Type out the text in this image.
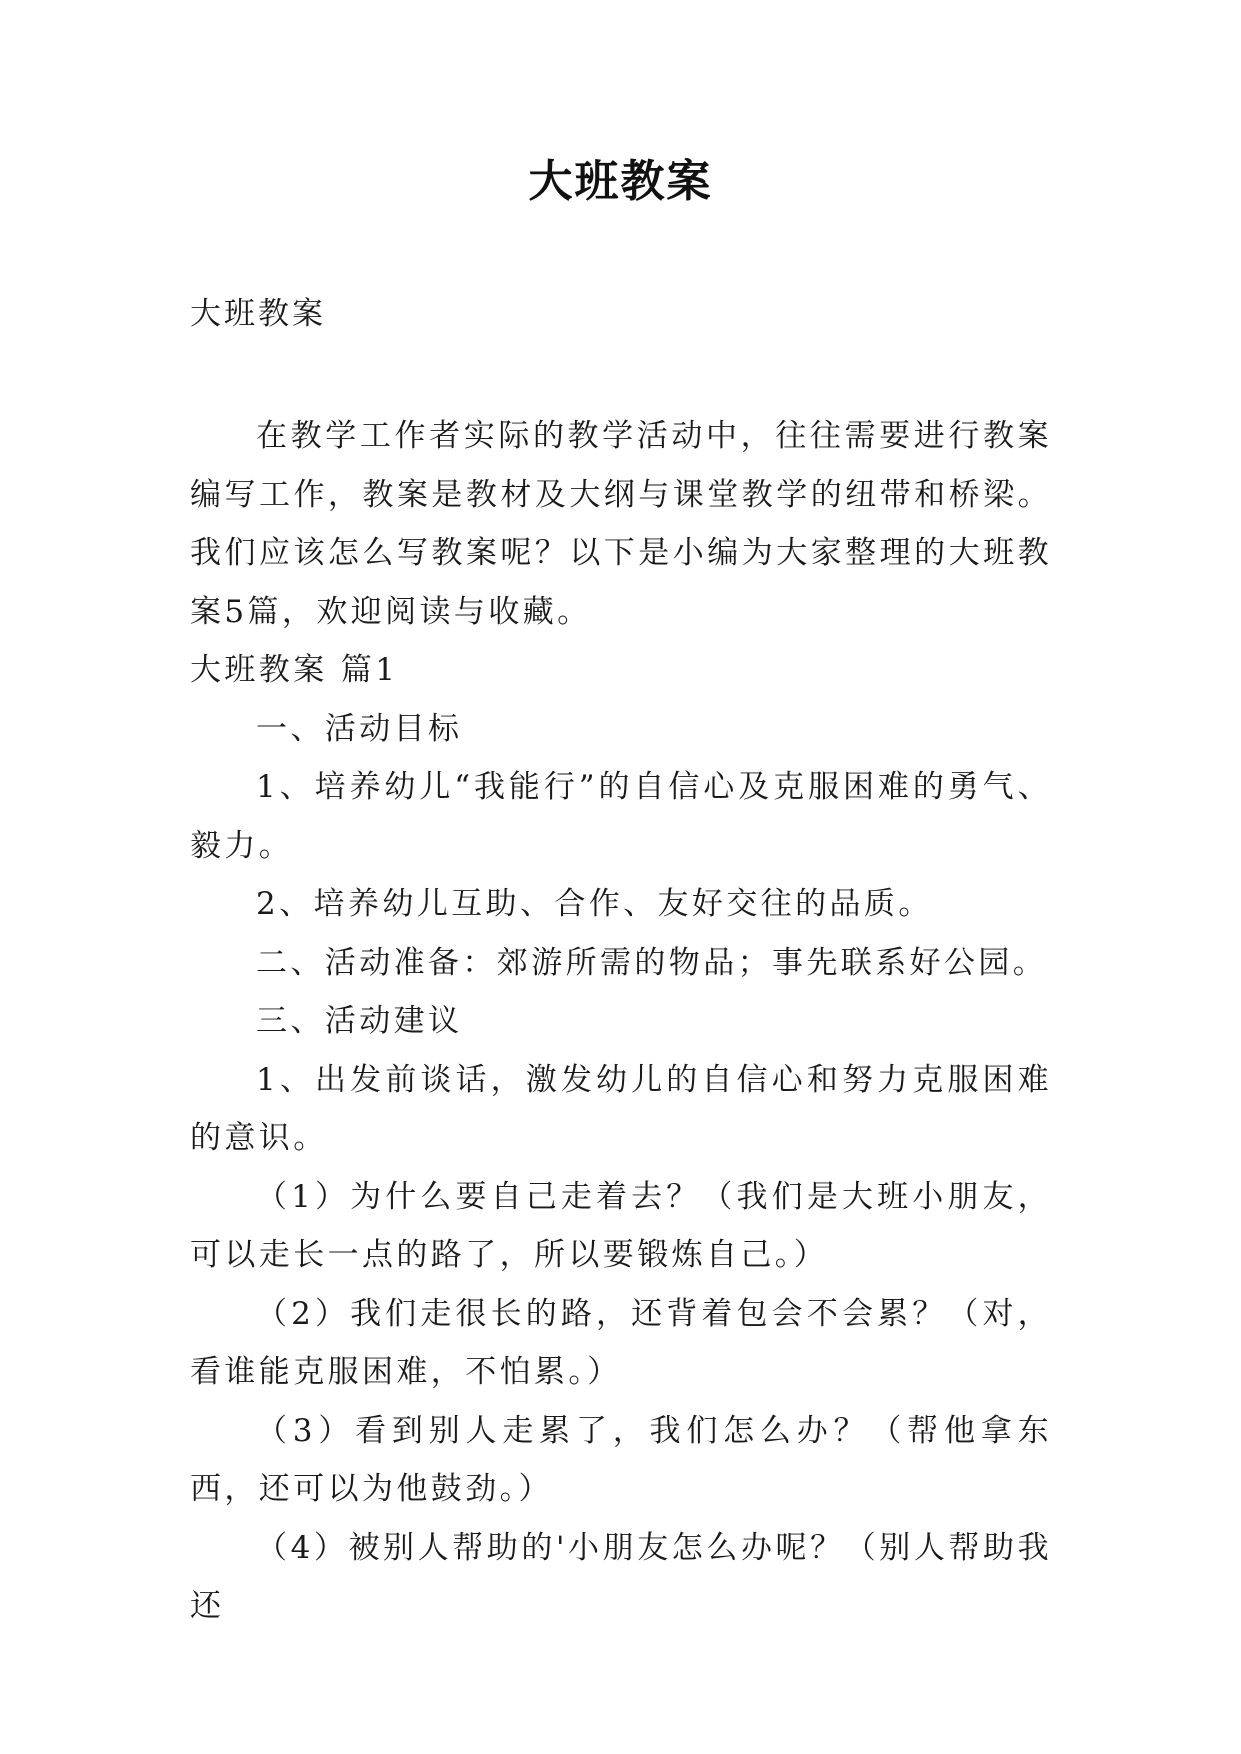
大班教案

大班教案

在教学工作者实际的教学活动中，往往需要进行教案编写工作，教案是教材及大纲与课堂教学的纽带和桥梁。我们应该怎么写教案呢？以下是小编为大家整理的大班教案5篇，欢迎阅读与收藏。

大班教案 篇1

一、活动目标

1、培养幼儿“我能行”的自信心及克服困难的勇气、毅力。

2、培养幼儿互助、合作、友好交往的品质。

二、活动准备：郊游所需的物品；事先联系好公园。

三、活动建议

1、出发前谈话，激发幼儿的自信心和努力克服困难的意识。

（1）为什么要自己走着去？（我们是大班小朋友，可以走长一点的路了，所以要锻炼自己。）

（2）我们走很长的路，还背着包会不会累？（对，看谁能克服困难，不怕累。）

（3）看到别人走累了，我们怎么办？（帮他拿东西，还可以为他鼓劲。）

（4）被别人帮助的'小朋友怎么办呢？（别人帮助我还
